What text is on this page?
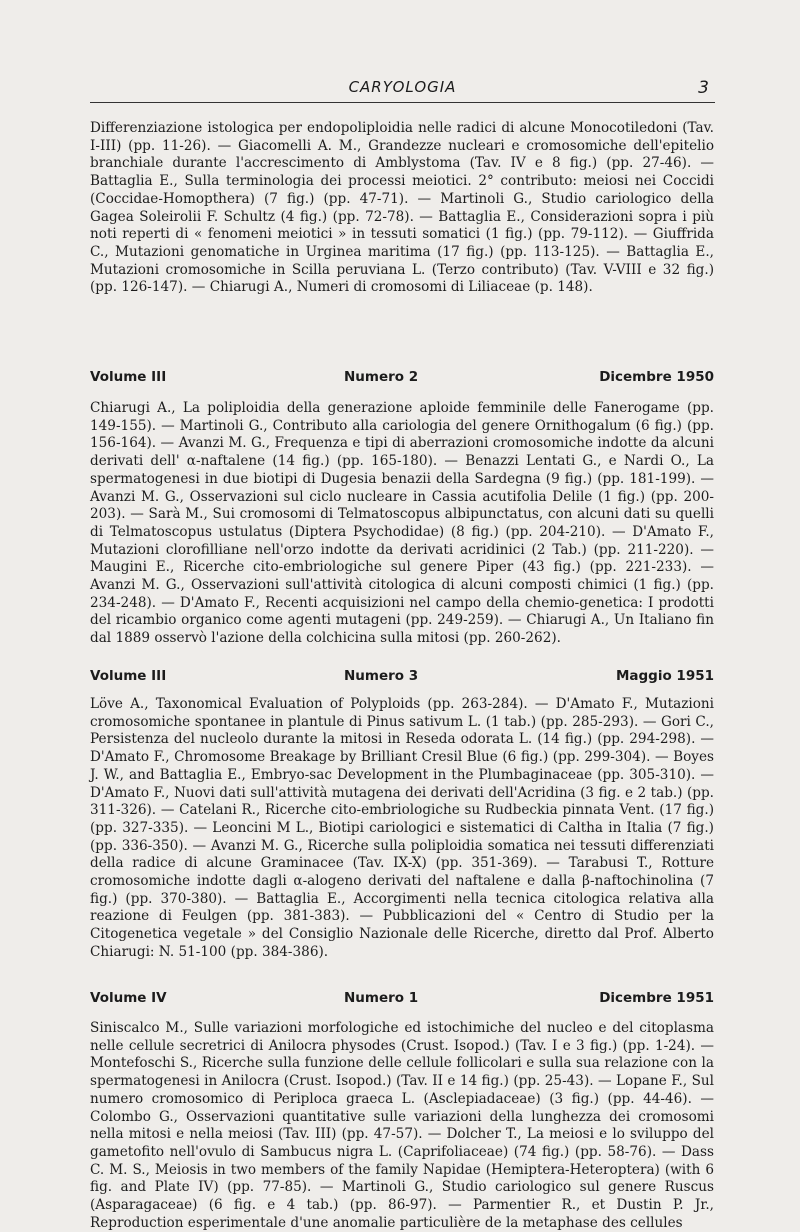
CARYOLOGIA	3

Differenziazione istologica per endopoliploidia nelle radici di alcune Monocotiledoni (Tav. I-III) (pp. 11-26). — Giacomelli A. M., Grandezze nucleari e cromosomiche dell'epitelio branchiale durante l'accrescimento di Amblystoma (Tav. IV e 8 fig.) (pp. 27-46). — Battaglia E., Sulla terminologia dei processi meiotici. 2° contributo: meiosi nei Coccidi (Coccidae-Homopthera) (7 fig.) (pp. 47-71). — Martinoli G., Studio cariologico della Gagea Soleirolii F. Schultz (4 fig.) (pp. 72-78). — Battaglia E., Considerazioni sopra i più noti reperti di « fenomeni meiotici » in tessuti somatici (1 fig.) (pp. 79-112). — Giuffrida C., Mutazioni genomatiche in Urginea maritima (17 fig.) (pp. 113-125). — Battaglia E., Mutazioni cromosomiche in Scilla peruviana L. (Terzo contributo) (Tav. V-VIII e 32 fig.) (pp. 126-147). — Chiarugi A., Numeri di cromosomi di Liliaceae (p. 148).

Volume III	Numero 2	Dicembre 1950

Chiarugi A., La poliploidia della generazione aploide femminile delle Fanerogame (pp. 149-155). — Martinoli G., Contributo alla cariologia del genere Ornithogalum (6 fig.) (pp. 156-164). — Avanzi M. G., Frequenza e tipi di aberrazioni cromosomiche indotte da alcuni derivati dell' α-naftalene (14 fig.) (pp. 165-180). — Benazzi Lentati G., e Nardi O., La spermatogenesi in due biotipi di Dugesia benazii della Sardegna (9 fig.) (pp. 181-199). — Avanzi M. G., Osservazioni sul ciclo nucleare in Cassia acutifolia Delile (1 fig.) (pp. 200-203). — Sarà M., Sui cromosomi di Telmatoscopus albipunctatus, con alcuni dati su quelli di Telmatoscopus ustulatus (Diptera Psychodidae) (8 fig.) (pp. 204-210). — D'Amato F., Mutazioni clorofilliane nell'orzo indotte da derivati acridinici (2 Tab.) (pp. 211-220). — Maugini E., Ricerche cito-embriologiche sul genere Piper (43 fig.) (pp. 221-233). — Avanzi M. G., Osservazioni sull'attività citologica di alcuni composti chimici (1 fig.) (pp. 234-248). — D'Amato F., Recenti acquisizioni nel campo della chemio-genetica: I prodotti del ricambio organico come agenti mutageni (pp. 249-259). — Chiarugi A., Un Italiano fin dal 1889 osservò l'azione della colchicina sulla mitosi (pp. 260-262).

Volume III	Numero 3	Maggio 1951

Löve A., Taxonomical Evaluation of Polyploids (pp. 263-284). — D'Amato F., Mutazioni cromosomiche spontanee in plantule di Pinus sativum L. (1 tab.) (pp. 285-293). — Gori C., Persistenza del nucleolo durante la mitosi in Reseda odorata L. (14 fig.) (pp. 294-298). — D'Amato F., Chromosome Breakage by Brilliant Cresil Blue (6 fig.) (pp. 299-304). — Boyes J. W., and Battaglia E., Embryo-sac Development in the Plumbaginaceae (pp. 305-310). — D'Amato F., Nuovi dati sull'attività mutagena dei derivati dell'Acridina (3 fig. e 2 tab.) (pp. 311-326). — Catelani R., Ricerche cito-embriologiche su Rudbeckia pinnata Vent. (17 fig.) (pp. 327-335). — Leoncini M L., Biotipi cariologici e sistematici di Caltha in Italia (7 fig.) (pp. 336-350). — Avanzi M. G., Ricerche sulla poliploidia somatica nei tessuti differenziati della radice di alcune Graminacee (Tav. IX-X) (pp. 351-369). — Tarabusi T., Rotture cromosomiche indotte dagli α-alogeno derivati del naftalene e dalla β-naftochinolina (7 fig.) (pp. 370-380). — Battaglia E., Accorgimenti nella tecnica citologica relativa alla reazione di Feulgen (pp. 381-383). — Pubblicazioni del « Centro di Studio per la Citogenetica vegetale » del Consiglio Nazionale delle Ricerche, diretto dal Prof. Alberto Chiarugi: N. 51-100 (pp. 384-386).

Volume IV	Numero 1	Dicembre 1951

Siniscalco M., Sulle variazioni morfologiche ed istochimiche del nucleo e del citoplasma nelle cellule secretrici di Anilocra physodes (Crust. Isopod.) (Tav. I e 3 fig.) (pp. 1-24). — Montefoschi S., Ricerche sulla funzione delle cellule follicolari e sulla sua relazione con la spermatogenesi in Anilocra (Crust. Isopod.) (Tav. II e 14 fig.) (pp. 25-43). — Lopane F., Sul numero cromosomico di Periploca graeca L. (Asclepiadaceae) (3 fig.) (pp. 44-46). — Colombo G., Osservazioni quantitative sulle variazioni della lunghezza dei cromosomi nella mitosi e nella meiosi (Tav. III) (pp. 47-57). — Dolcher T., La meiosi e lo sviluppo del gametofito nell'ovulo di Sambucus nigra L. (Caprifoliaceae) (74 fig.) (pp. 58-76). — Dass C. M. S., Meiosis in two members of the family Napidae (Hemiptera-Heteroptera) (with 6 fig. and Plate IV) (pp. 77-85). — Martinoli G., Studio cariologico sul genere Ruscus (Asparagaceae) (6 fig. e 4 tab.) (pp. 86-97). — Parmentier R., et Dustin P. Jr., Reproduction esperimentale d'une anomalie particulière de la metaphase des cellules
